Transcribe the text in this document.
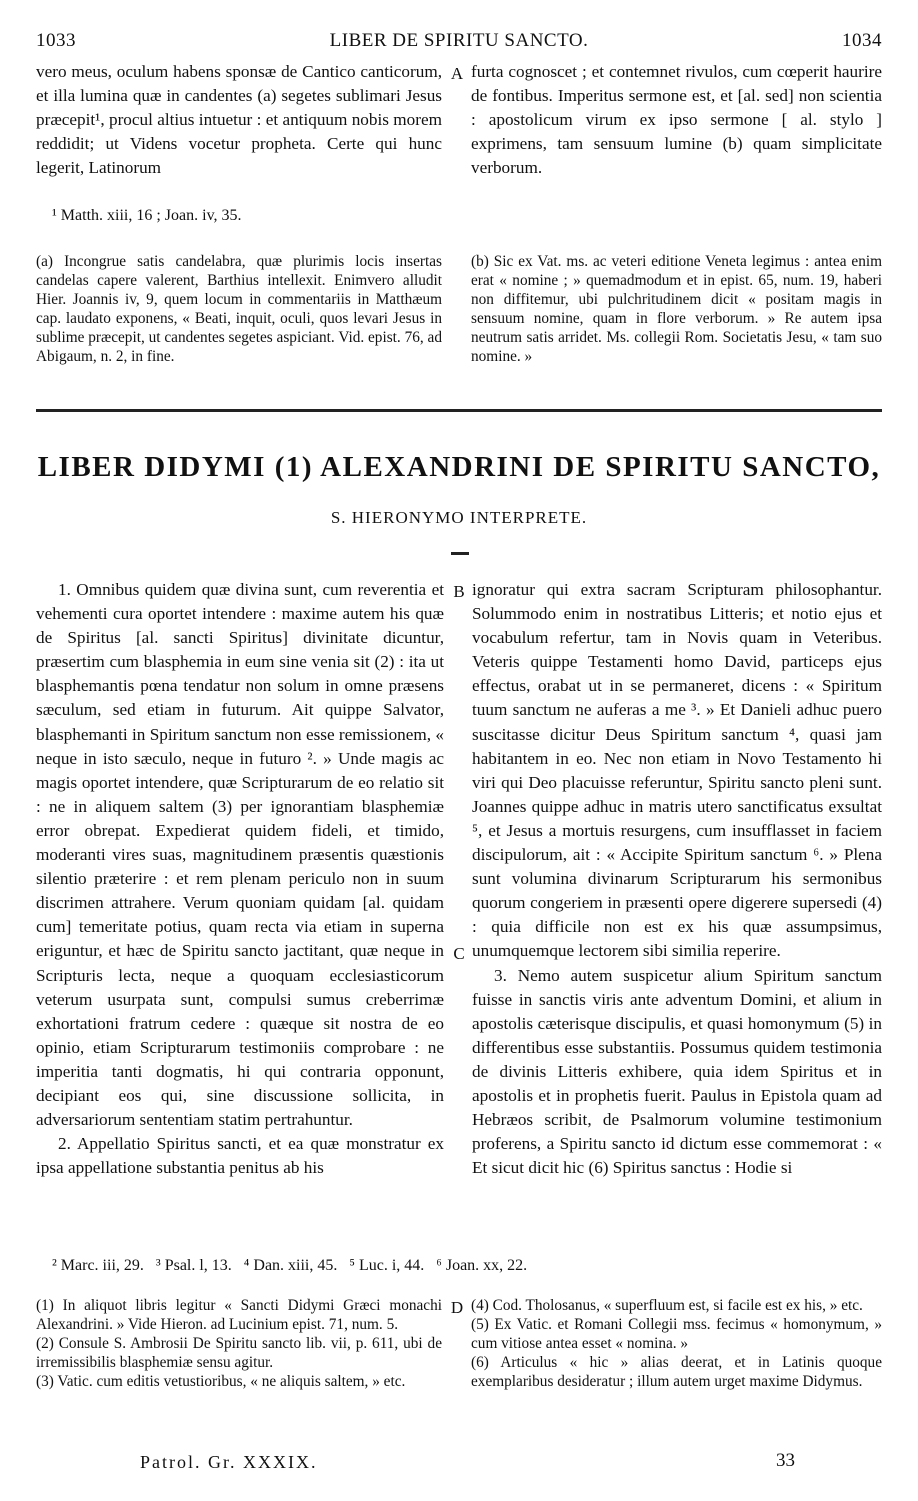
1033	LIBER DE SPIRITU SANCTO.	1034

vero meus, oculum habens sponsæ de Cantico canticorum, et illa lumina quæ in candentes (a) segetes sublimari Jesus præcepit¹, procul altius intuetur : et antiquum nobis morem reddidit; ut Videns vocetur propheta. Certe qui hunc legerit, Latinorum

A furta cognoscet ; et contemnet rivulos, cum cœperit haurire de fontibus. Imperitus sermone est, et [al. sed] non scientia : apostolicum virum ex ipso sermone [ al. stylo ] exprimens, tam sensuum lumine (b) quam simplicitate verborum.

¹ Matth. xiii, 16 ; Joan. iv, 35.

(a) Incongrue satis candelabra, quæ plurimis locis insertas candelas capere valerent, Barthius intellexit. Enimvero alludit Hier. Joannis iv, 9, quem locum in commentariis in Matthæum cap. laudato exponens, « Beati, inquit, oculi, quos levari Jesus in sublime præcepit, ut candentes segetes aspiciant. Vid. epist. 76, ad Abigaum, n. 2, in fine.

(b) Sic ex Vat. ms. ac veteri editione Veneta legimus : antea enim erat « nomine ; » quemadmodum et in epist. 65, num. 19, haberi non diffitemur, ubi pulchritudinem dicit « positam magis in sensuum nomine, quam in flore verborum. » Re autem ipsa neutrum satis arridet. Ms. collegii Rom. Societatis Jesu, « tam suo nomine. »

LIBER DIDYMI (1) ALEXANDRINI DE SPIRITU SANCTO,
S. HIERONYMO INTERPRETE.

1. Omnibus quidem quæ divina sunt, cum reverentia et vehementi cura oportet intendere : maxime autem his quæ de Spiritus [al. sancti Spiritus] divinitate dicuntur, præsertim cum blasphemia in eum sine venia sit (2) : ita ut blasphemantis pœna tendatur non solum in omne præsens sæculum, sed etiam in futurum. Ait quippe Salvator, blasphemanti in Spiritum sanctum non esse remissionem, « neque in isto sæculo, neque in futuro ². » Unde magis ac magis oportet intendere, quæ Scripturarum de eo relatio sit : ne in aliquem saltem (3) per ignorantiam blasphemiæ error obrepat. Expedierat quidem fideli, et timido, moderanti vires suas, magnitudinem præsentis quæstionis silentio præterire : et rem plenam periculo non in suum discrimen attrahere. Verum quoniam quidam [al. quidam cum] temeritate potius, quam recta via etiam in superna eriguntur, et hæc de Spiritu sancto jactitant, quæ neque in Scripturis lecta, neque a quoquam ecclesiasticorum veterum usurpata sunt, compulsi sumus creberrimæ exhortationi fratrum cedere : quæque sit nostra de eo opinio, etiam Scripturarum testimoniis comprobare : ne imperitia tanti dogmatis, hi qui contraria opponunt, decipiant eos qui, sine discussione sollicita, in adversariorum sententiam statim pertrahuntur.

2. Appellatio Spiritus sancti, et ea quæ monstratur ex ipsa appellatione substantia penitus ab his

B
C

ignoratur qui extra sacram Scripturam philosophantur. Solummodo enim in nostratibus Litteris; et notio ejus et vocabulum refertur, tam in Novis quam in Veteribus. Veteris quippe Testamenti homo David, particeps ejus effectus, orabat ut in se permaneret, dicens : « Spiritum tuum sanctum ne auferas a me ³. » Et Danieli adhuc puero suscitasse dicitur Deus Spiritum sanctum ⁴, quasi jam habitantem in eo. Nec non etiam in Novo Testamento hi viri qui Deo placuisse referuntur, Spiritu sancto pleni sunt. Joannes quippe adhuc in matris utero sanctificatus exsultat ⁵, et Jesus a mortuis resurgens, cum insufflasset in faciem discipulorum, ait : « Accipite Spiritum sanctum ⁶. » Plena sunt volumina divinarum Scripturarum his sermonibus quorum congeriem in præsenti opere digerere supersedi (4) : quia difficile non est ex his quæ assumpsimus, unumquemque lectorem sibi similia reperire.

3. Nemo autem suspicetur alium Spiritum sanctum fuisse in sanctis viris ante adventum Domini, et alium in apostolis cæterisque discipulis, et quasi homonymum (5) in differentibus esse substantiis. Possumus quidem testimonia de divinis Litteris exhibere, quia idem Spiritus et in apostolis et in prophetis fuerit. Paulus in Epistola quam ad Hebræos scribit, de Psalmorum volumine testimonium proferens, a Spiritu sancto id dictum esse commemorat : « Et sicut dicit hic (6) Spiritus sanctus : Hodie si

² Marc. iii, 29.   ³ Psal. l, 13.   ⁴ Dan. xiii, 45.   ⁵ Luc. i, 44.   ⁶ Joan. xx, 22.

(1) In aliquot libris legitur « Sancti Didymi Græci monachi Alexandrini. » Vide Hieron. ad Lucinium epist. 71, num. 5.

(2) Consule S. Ambrosii De Spiritu sancto lib. vii, p. 611, ubi de irremissibilis blasphemiæ sensu agitur.

(3) Vatic. cum editis vetustioribus, « ne aliquis saltem, » etc.

D (4) Cod. Tholosanus, « superfluum est, si facile est ex his, » etc.

(5) Ex Vatic. et Romani Collegii mss. fecimus « homonymum, » cum vitiose antea esset « nomina. »

(6) Articulus « hic » alias deerat, et in Latinis quoque exemplaribus desideratur ; illum autem urget maxime Didymus.

Patrol. Gr. XXXIX.	33
